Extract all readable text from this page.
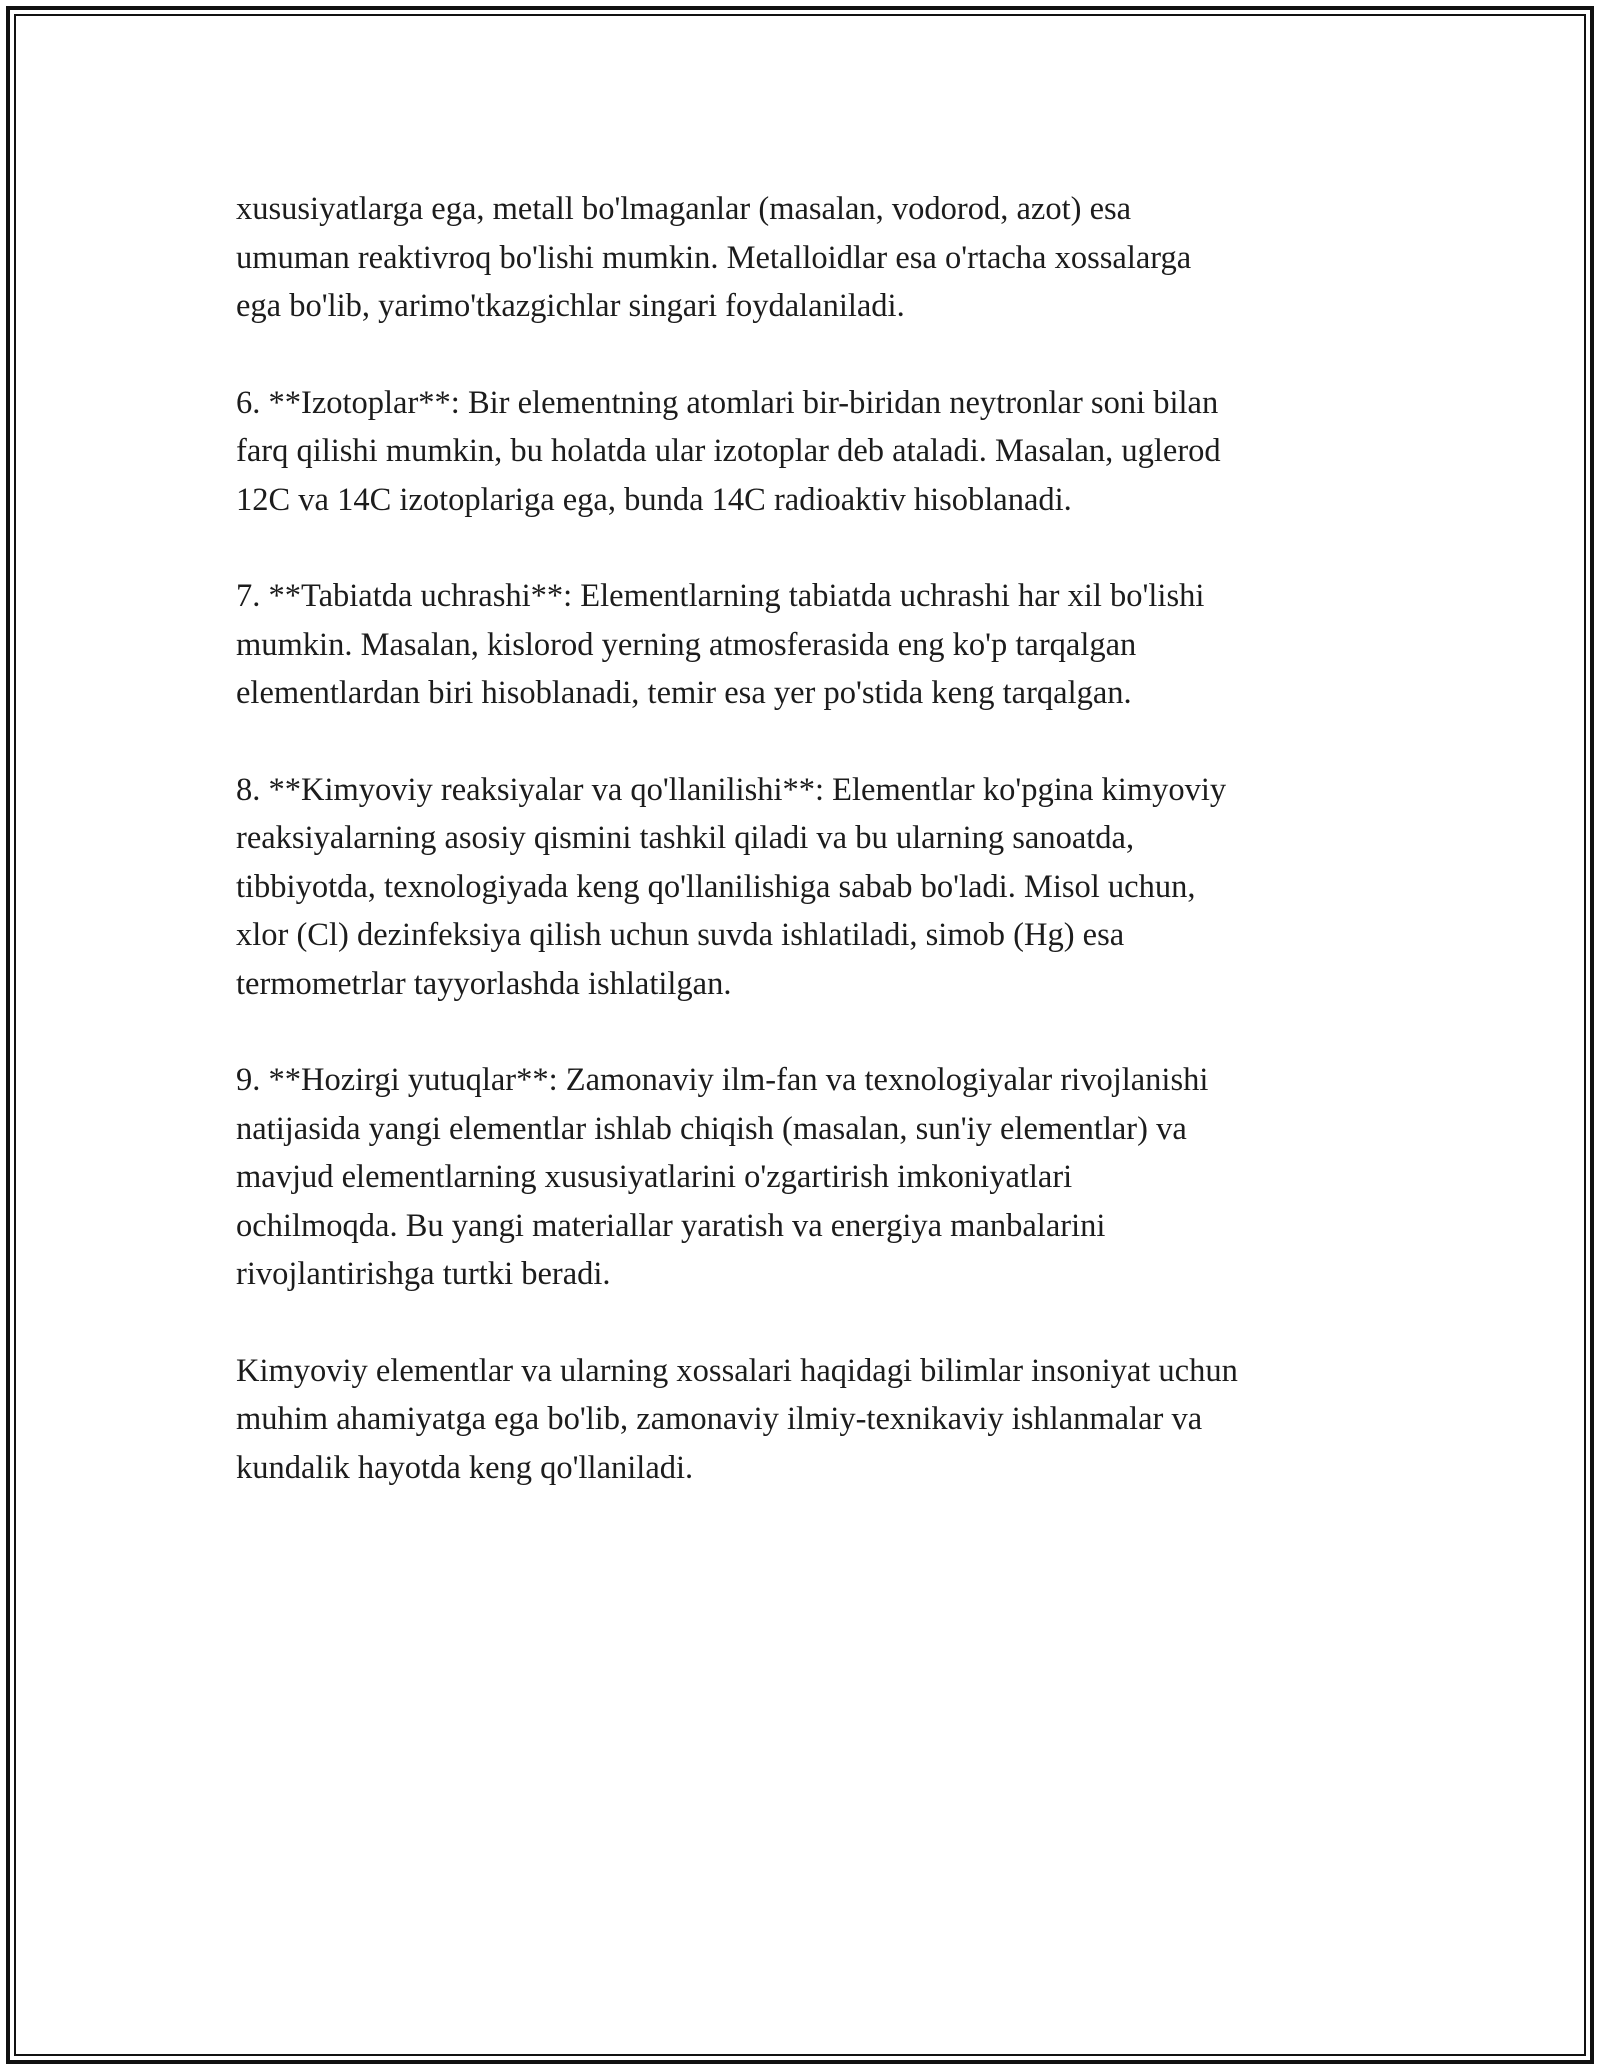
xususiyatlarga ega, metall bo'lmaganlar (masalan, vodorod, azot) esa
umuman reaktivroq bo'lishi mumkin. Metalloidlar esa o'rtacha xossalarga
ega bo'lib, yarimo'tkazgichlar singari foydalaniladi.

6. **Izotoplar**: Bir elementning atomlari bir-biridan neytronlar soni bilan
farq qilishi mumkin, bu holatda ular izotoplar deb ataladi. Masalan, uglerod
12C va 14C izotoplariga ega, bunda 14C radioaktiv hisoblanadi.

7. **Tabiatda uchrashi**: Elementlarning tabiatda uchrashi har xil bo'lishi
mumkin. Masalan, kislorod yerning atmosferasida eng ko'p tarqalgan
elementlardan biri hisoblanadi, temir esa yer po'stida keng tarqalgan.

8. **Kimyoviy reaksiyalar va qo'llanilishi**: Elementlar ko'pgina kimyoviy
reaksiyalarning asosiy qismini tashkil qiladi va bu ularning sanoatda,
tibbiyotda, texnologiyada keng qo'llanilishiga sabab bo'ladi. Misol uchun,
xlor (Cl) dezinfeksiya qilish uchun suvda ishlatiladi, simob (Hg) esa
termometrlar tayyorlashda ishlatilgan.

9. **Hozirgi yutuqlar**: Zamonaviy ilm-fan va texnologiyalar rivojlanishi
natijasida yangi elementlar ishlab chiqish (masalan, sun'iy elementlar) va
mavjud elementlarning xususiyatlarini o'zgartirish imkoniyatlari
ochilmoqda. Bu yangi materiallar yaratish va energiya manbalarini
rivojlantirishga turtki beradi.

Kimyoviy elementlar va ularning xossalari haqidagi bilimlar insoniyat uchun
muhim ahamiyatga ega bo'lib, zamonaviy ilmiy-texnikaviy ishlanmalar va
kundalik hayotda keng qo'llaniladi.
